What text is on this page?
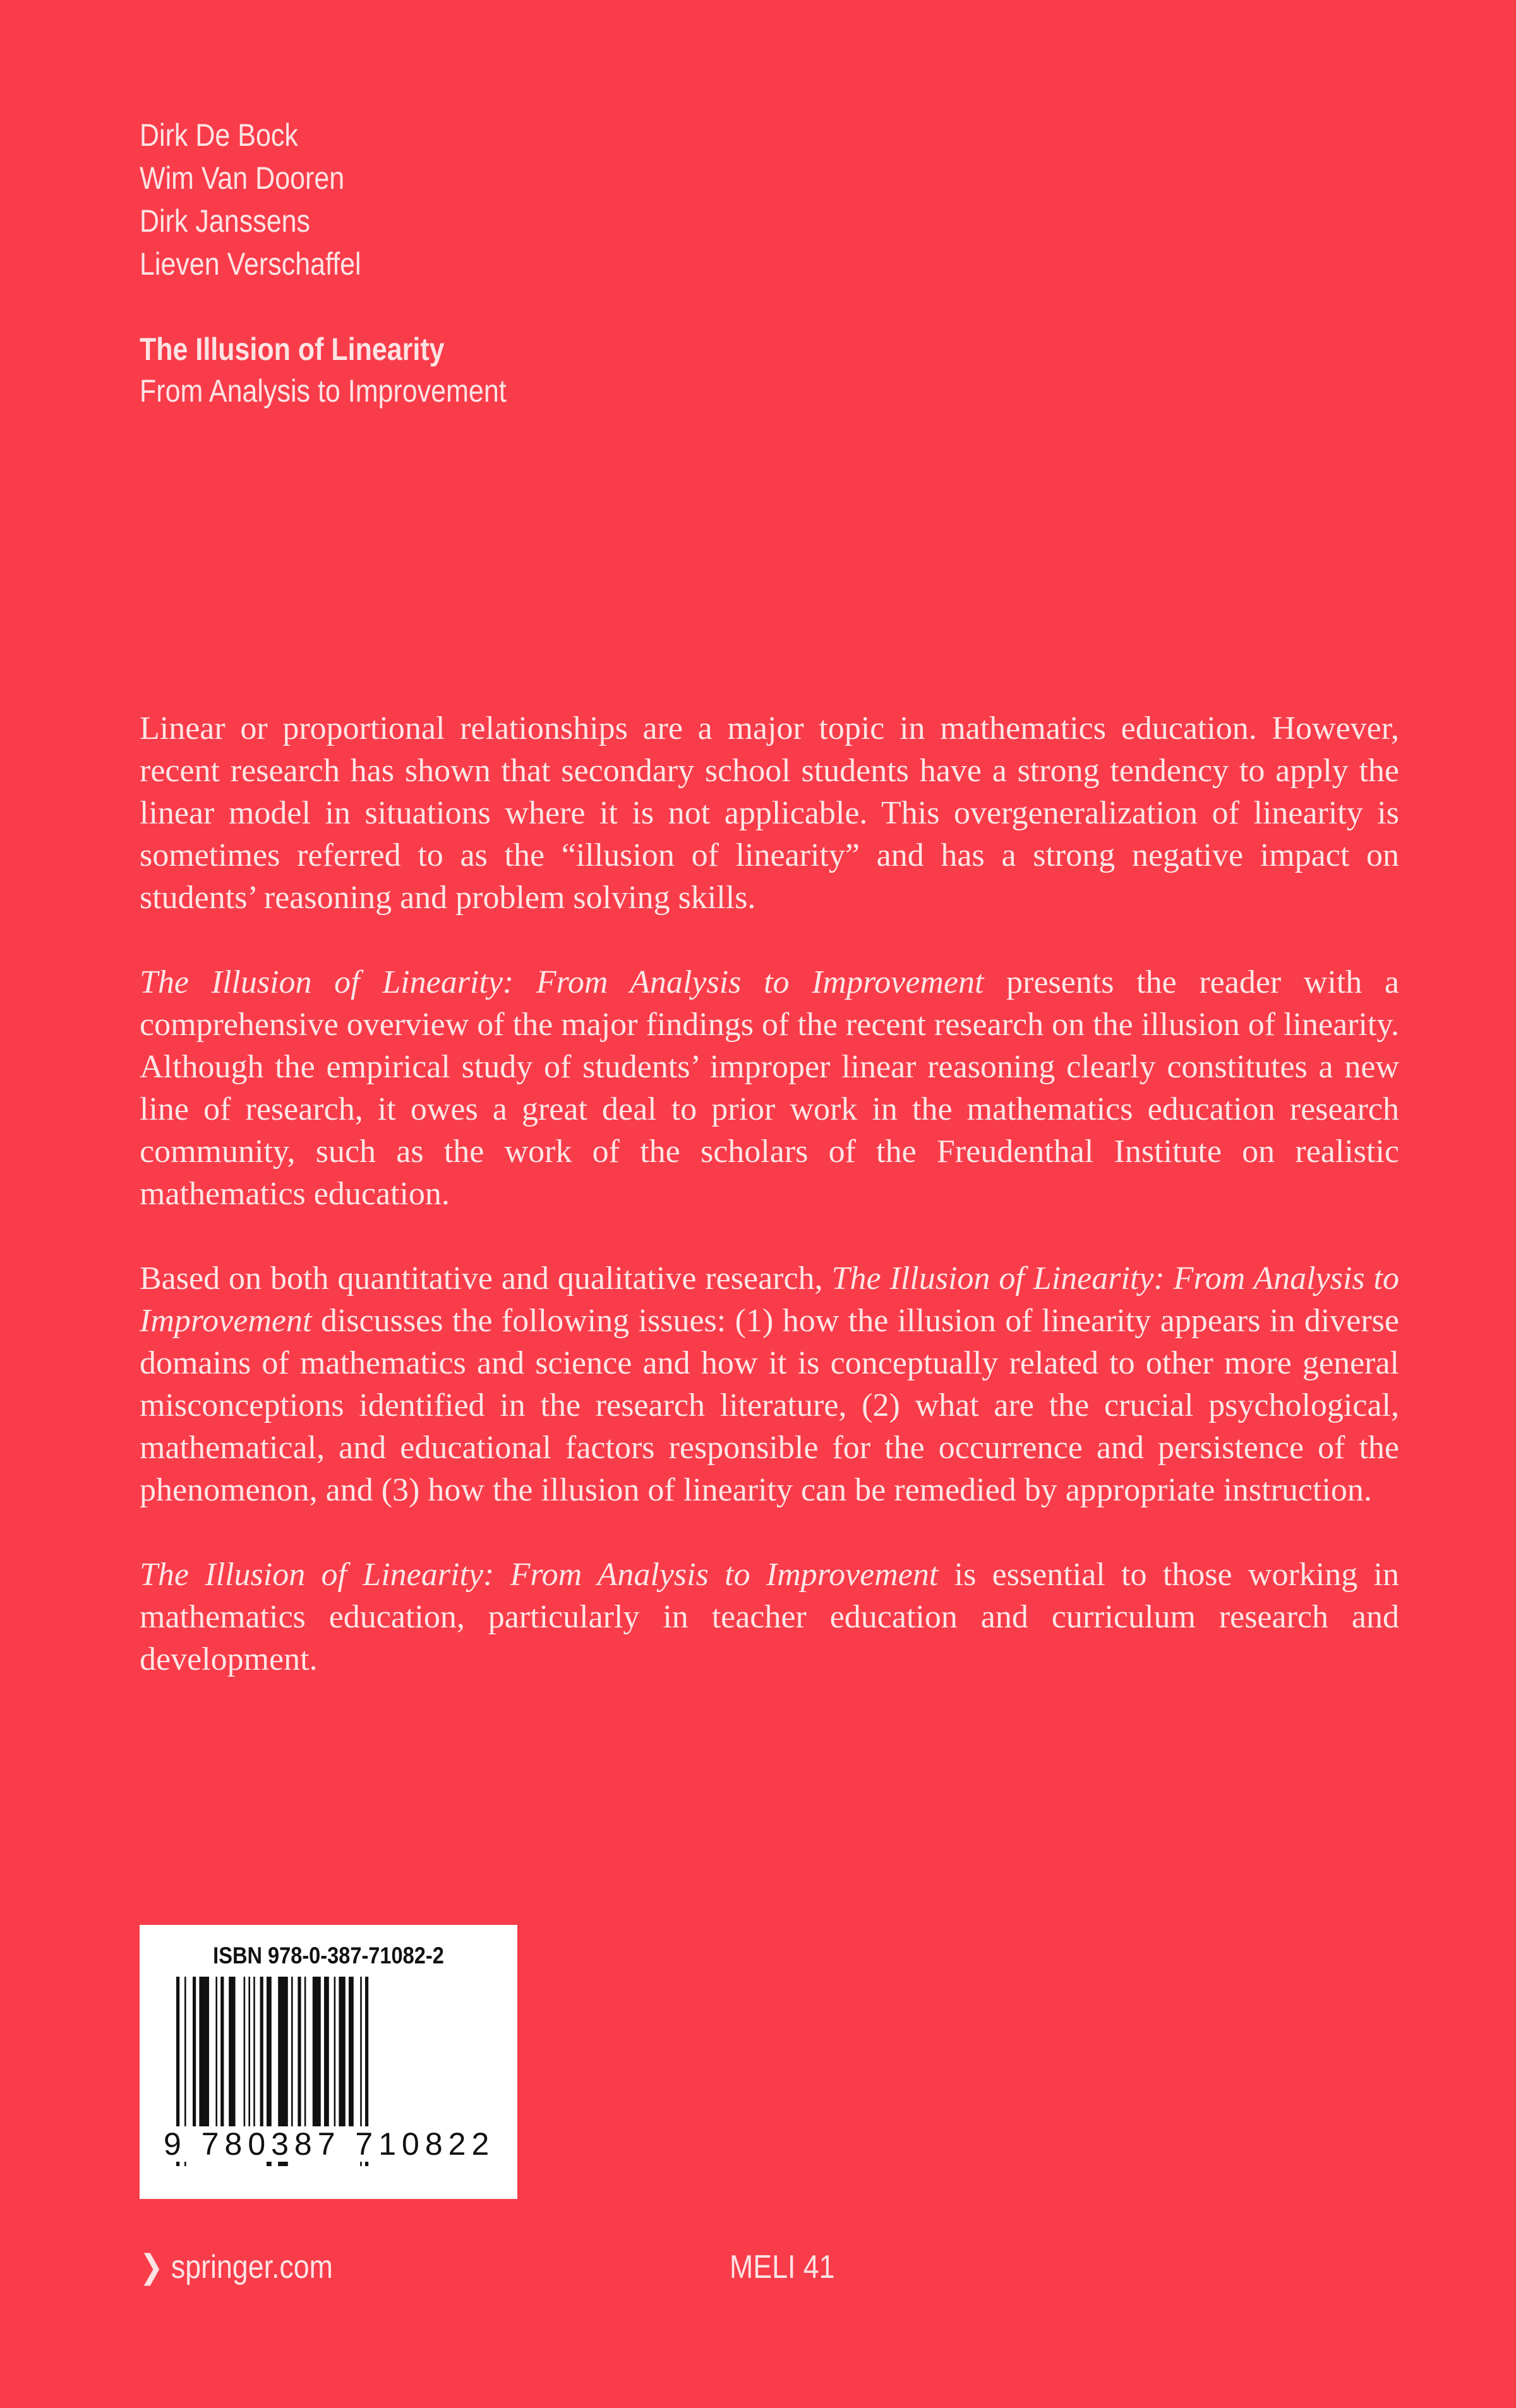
Dirk De Bock
Wim Van Dooren
Dirk Janssens
Lieven Verschaffel
The Illusion of Linearity
From Analysis to Improvement

Linear or proportional relationships are a major topic in mathematics education. However, recent research has shown that secondary school students have a strong tendency to apply the linear model in situations where it is not applicable. This overgeneralization of linearity is sometimes referred to as the “illusion of linearity” and has a strong negative impact on students’ reasoning and problem solving skills.

The Illusion of Linearity: From Analysis to Improvement presents the reader with a comprehensive overview of the major findings of the recent research on the illusion of linearity. Although the empirical study of students’ improper linear reasoning clearly constitutes a new line of research, it owes a great deal to prior work in the mathematics education research community, such as the work of the scholars of the Freudenthal Institute on realistic mathematics education.

Based on both quantitative and qualitative research, The Illusion of Linearity: From Analysis to Improvement discusses the following issues: (1) how the illusion of linearity appears in diverse domains of mathematics and science and how it is conceptually related to other more general misconceptions identified in the research literature, (2) what are the crucial psychological, mathematical, and educational factors responsible for the occurrence and persistence of the phenomenon, and (3) how the illusion of linearity can be remedied by appropriate instruction.

The Illusion of Linearity: From Analysis to Improvement is essential to those working in mathematics education, particularly in teacher education and curriculum research and development.

ISBN 978-0-387-71082-2
9 780387 710822
❯ springer.com	MELI 41
